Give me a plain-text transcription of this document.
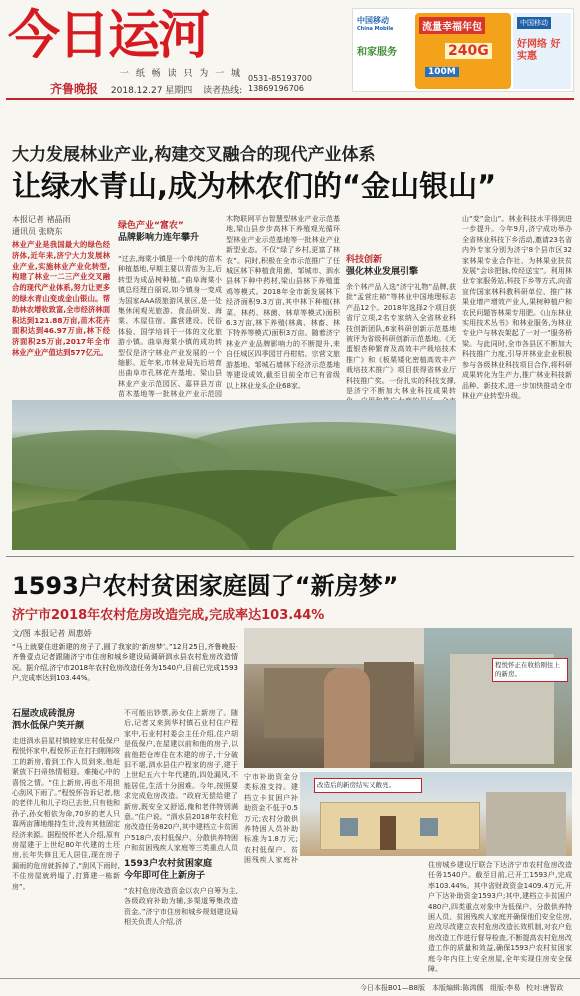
今日运河
一 纸 畅 读 只 为 一 城
齐鲁晚报 2018.12.27 星期四 读者热线:
0531-85193700
13869196706
中国移动
China Mobile
和家服务
流量幸福年包
240G
100M
中国移动
好网络 好实惠
大力发展林业产业,构建交叉融合的现代产业体系
让绿水青山,成为林农们的“金山银山”
本报记者 褚晶雨
通讯员 张晓东
林业产业是我国最大的绿色经济体,近年来,济宁大力发展林业产业,实施林业产业化转型,构建了林业一二三产业交叉融合的现代产业体系,努力让更多的绿水青山变成金山银山。帮助林农增收致富,全市经济林面积达到121.88万亩,苗木花卉面积达到46.97万亩,林下经济面积25万亩,2017年全市林业产业产值达到577亿元。
绿色产业“富农”
品牌影响力连年攀升
“过去,海棠小镇是一个单纯的苗木种植基地,早期主要以青苗为主,后转型为成品树种植。”曲阜海棠小镇总经理白丽说,如今镇身一变成为国家AAA级旅游风景区,是一处集休闲观光旅游、食品研发、海棠、木屋住宿、露营建设、民俗体验、国学培训于一体的文化旅游小镇。曲阜海棠小镇的成功转型仅是济宁林业产业发展的一个缩影。近年来,市林业局先后培育出曲阜市孔林花卉基地、梁山县林业产业示范园区、嘉祥县万亩苗木基地等一批林业产业示范园
木物联网平台智慧型林业产业示范基地,梁山县步步高林下养殖观光循环型林业产业示范基地等一批林业产业新型业态。不仅“绿了乡村,更富了林农”。同时,积极在全市示范推广了任城区林下种植食用菌、邹城市、泗水县林下种中药材,梁山县林下养殖蛋鸡等模式。2018年全市新发展林下经济面积9.3万亩,其中林下种植(林菜、林药、林菌、林草等模式)面积6.3万亩,林下养殖(林禽、林畜、林下特养等模式)面积3万亩。随着济宁林业产业品牌影响力的不断提升,来自任城区四季园甘丹柑桔、宗营文旅游基地、邹城石墙林下经济示范基地等建设成效,截至目前全市已有省级以上林业龙头企业68家。
科技创新
强化林业发展引擎
余个林产品入选“济宁礼物”品牌,获批“孟营庄柿”等林业中国地理标志产品12个。2018年选择2个项目获省厅立项,2名专家纳入全省林业科技创新团队,6家科研创新示范基地被评为省级科研创新示范基地。《无蛋银杏种繁育及高效丰产栽培技术推广》和《板栗矮化密植高效丰产栽培技术推广》项目获得省林业厅科技推广奖。一份扎实的科技支撑,是济宁不断加大林业科技成果转
山“变”金山”。林业科技水平得到进一步提升。今年9月,济宁成功举办全省林业科技下乡活动,邀请23名省内外专家分别为济宁8个县市区32家林果专业合作社、为林果业扶贫发展“会诊把脉,传经送宝”。利用林业专家服务站,科技下乡等方式,向省宣传国家林科教科研单位、推广林果业增产增效产业人,果树种植户和农民问题答林果专用肥。《山东林业实用技术丛书》和林业服务,为林业专业户与林农架起了一对一“服务桥梁。与此同时,全市各县区不断加大科技推广力度,引导并林业企业积极参与各级林业科技项目合作,将科研成果转化为生产力,推广林业科技新品种、新技术,进一步加快推动全市林业产业转型升级。
1593户农村贫困家庭圆了“新房梦”
济宁市2018年农村危房改造完成,完成率达103.44%
文/图 本报记者 周惠娇
“马上就要住进新建的房子了,圆了我家的‘新房梦’。”12月25日,齐鲁晚报·齐鲁壹点记者跟随济宁市住房和城乡建设局调研泗水县农村危房改造情况。据介绍,济宁市2018年农村危房改造任务为1540户,目前已完成1593户,完成率达到103.44%。
石屋改成砖混房
泗水低保户笑开颜
走进泗水县星村镇睦家庄村低保户程悦怀家中,程悦怀正在打扫刚刚竣工的新房,看到工作人员到来,他赶紧放下扫帚热情相迎。难掩心中的喜悦之情。“住上新房,再也不用担心刮风下雨了。”程悦怀告诉记者,他的老伴儿和儿子均已去世,只有他和孙子,孙女相依为命,70岁的老人只靠两亩薄地维持生计,没有其他固定经济来源。据程悦怀老人介绍,原有房屋建于上世纪80年代建的土坯房,长年失修且无人居住,现在房子漏雨的危房就拆掉了,“刮风下雨时,不住房屋就坍塌了,打算建一栋新房”。
不可能出钞票,孙女住上新房了。随后,记者又来到华村镇石业村住户程家中,石业村村委会主任介绍,住户胡是低保户,在屋建以前和他的房子,以前他把仓库住在木建的房子,十分破旧不堪,泗水县住户程家的房子,建于上世纪五六十年代建的,四处漏风,不能居住,生活十分困难。今年,按照要求完成危房改造。“政府无偿给建了新房,既安全又舒适,俺和老伴特别满意。”住户说。“泗水县2018年农村危房改造任务820户,其中建档立卡贫困户518户,农村低保户、分散供养特困户和贫困残疾人家庭等三类重点人员
1593户农村贫困家庭
今年即可住上新房子
“农村危房改造资金以农户自筹为主,各级政府补助为辅,多渠道筹集改造资金。”济宁市住房和城乡规划建设局相关负责人介绍,济
程悦怀正在收拾刚住上的新房。
改造后的新房结实又敞亮。
宁市补助资金分类标准支持。建档立卡贫困户补助资金不低于0.5万元;农村分散供养特困人员补助标准为1.8万元;农村低保户、贫困残疾人家庭补
住房城乡建设厅联合下达济宁市农村危房改造任务1540户。截至目前,已开工1593户,完成率103.44%。其中省财政资金1409.4万元,开户下达补助资金1593户;其中,建档立卡贫困户480户,四类重点对象中为低保户、分散供养特困人员、贫困残疾人家庭并确保他们安全住房,应改尽改建立农村危房改造长效机制,对农户危房改造工作进行督导检查,不断提高农村危房改造工作的质量和效益,确保1593户农村贫困家庭今年内住上安全房屋,全年实现住房安全保障。
今日本报B01—B8版 本版编辑:陈鸿儒 组版:李易 校对:唐智政
